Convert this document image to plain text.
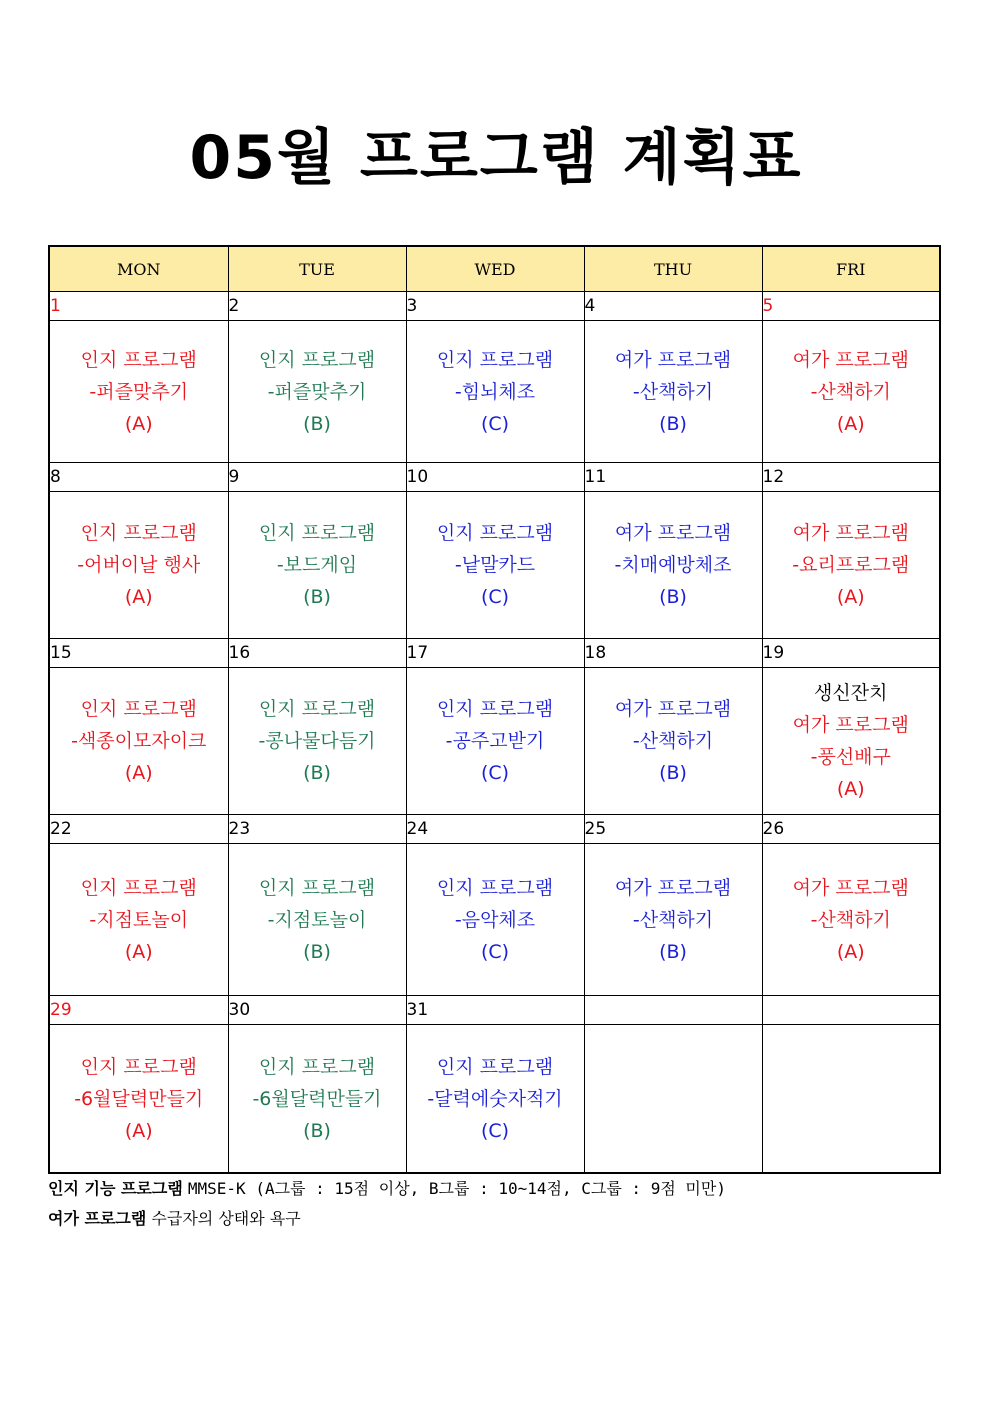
05월 프로그램 계획표
MON	TUE	WED	THU	FRI
1	2	3	4	5

인지 프로그램
-퍼즐맞추기
(A)	인지 프로그램
-퍼즐맞추기
(B)	인지 프로그램
-힘뇌체조
(C)	여가 프로그램
-산책하기
(B)	여가 프로그램
-산책하기
(A)

8	9	10	11	12

인지 프로그램
-어버이날 행사
(A)	인지 프로그램
-보드게임
(B)	인지 프로그램
-낱말카드
(C)	여가 프로그램
-치매예방체조
(B)	여가 프로그램
-요리프로그램
(A)

15	16	17	18	19

인지 프로그램
-색종이모자이크
(A)	인지 프로그램
-콩나물다듬기
(B)	인지 프로그램
-공주고받기
(C)	여가 프로그램
-산책하기
(B)	생신잔치
여가 프로그램
-풍선배구
(A)

22	23	24	25	26

인지 프로그램
-지점토놀이
(A)	인지 프로그램
-지점토놀이
(B)	인지 프로그램
-음악체조
(C)	여가 프로그램
-산책하기
(B)	여가 프로그램
-산책하기
(A)

29	30	31		

인지 프로그램
-6월달력만들기
(A)	인지 프로그램
-6월달력만들기
(B)	인지 프로그램
-달력에숫자적기
(C)		

인지 기능 프로그램 MMSE-K (A그룹 : 15점 이상, B그룹 : 10~14점, C그룹 : 9점 미만)
여가 프로그램 수급자의 상태와 욕구
